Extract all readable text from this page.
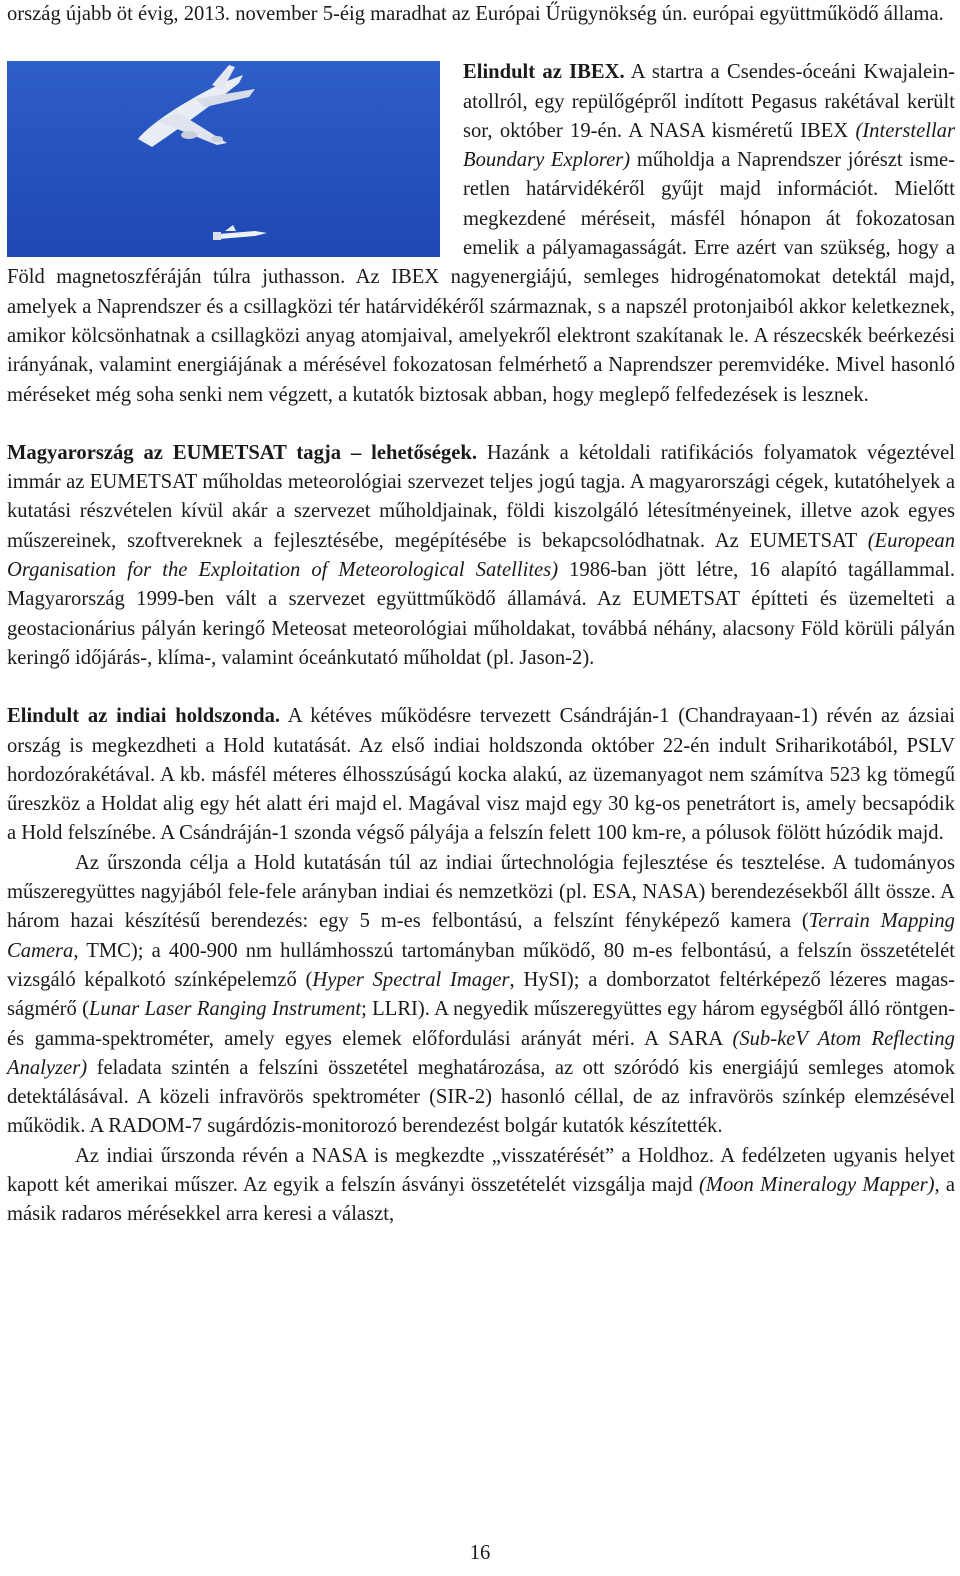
ország újabb öt évig, 2013. november 5-éig maradhat az Európai Űrügynökség ún. európai együttműködő állama.

Elindult az IBEX. A startra a Csendes-óceáni Kwajalein-atollról, egy repülőgépről indított Pegasus rakétával került sor, október 19-én. A NASA kisméretű IBEX (Interstellar Boundary Explorer) műholdja a Naprendszer jórészt ismeretlen határvidékéről gyűjt majd információt. Mielőtt megkezdené méréseit, másfél hónapon át fokozatosan emelik a pályamagasságát. Erre azért van szükség, hogy a Föld magnetoszféráján túlra juthasson. Az IBEX nagyenergiájú, semleges hidrogénatomokat detektál majd, amelyek a Naprendszer és a csillagközi tér határvidékéről származnak, s a napszél protonjaiból akkor keletkeznek, amikor kölcsönhatnak a csillagközi anyag atomjaival, amelyekről elektront szakítanak le. A részecskék beérkezési irányának, valamint energiájának a mérésével fokozatosan felmérhető a Naprendszer peremvidéke. Mivel hasonló méréseket még soha senki nem végzett, a kutatók biztosak abban, hogy meglepő felfedezések is lesznek.

Magyarország az EUMETSAT tagja – lehetőségek. Hazánk a kétoldali ratifikációs folyamatok végeztével immár az EUMETSAT műholdas meteorológiai szervezet teljes jogú tagja. A magyarországi cégek, kutatóhelyek a kutatási részvételen kívül akár a szervezet műholdjainak, földi kiszolgáló létesítményeinek, illetve azok egyes műszereinek, szoftvereknek a fejlesztésébe, megépítésébe is bekapcsolódhatnak. Az EUMETSAT (European Organisation for the Exploitation of Meteorological Satellites) 1986-ban jött létre, 16 alapító tagállammal. Magyarország 1999-ben vált a szervezet együttműködő államává. Az EUMETSAT építteti és üzemelteti a geostacionárius pályán keringő Meteosat meteorológiai műholdakat, továbbá néhány, alacsony Föld körüli pályán keringő időjárás-, klíma-, valamint óceánkutató műholdat (pl. Jason-2).

Elindult az indiai holdszonda. A kétéves működésre tervezett Csándráján-1 (Chandrayaan-1) révén az ázsiai ország is megkezdheti a Hold kutatását. Az első indiai holdszonda október 22-én indult Sriharikotából, PSLV hordozórakétával. A kb. másfél méteres élhosszúságú kocka alakú, az üzemanyagot nem számítva 523 kg tömegű űreszköz a Holdat alig egy hét alatt éri majd el. Magával visz majd egy 30 kg-os penetrátort is, amely becsapódik a Hold felszínébe. A Csándráján-1 szonda végső pályája a felszín felett 100 km-re, a pólusok fölött húzódik majd.

Az űrszonda célja a Hold kutatásán túl az indiai űrtechnológia fejlesztése és tesztelése. A tudományos műszeregyüttes nagyjából fele-fele arányban indiai és nemzetközi (pl. ESA, NASA) berendezésekből állt össze. A három hazai készítésű berendezés: egy 5 m-es felbontású, a felszínt fényképező kamera (Terrain Mapping Camera, TMC); a 400-900 nm hullámhosszú tartományban működő, 80 m-es felbontású, a felszín összetételét vizsgáló képalkotó színképelemző (Hyper Spectral Imager, HySI); a domborzatot feltérképező lézeres magasságmérő (Lunar Laser Ranging Instrument; LLRI). A negyedik műszeregyüttes egy három egységből álló röntgen- és gamma-spektrométer, amely egyes elemek előfordulási arányát méri. A SARA (Sub-keV Atom Reflecting Analyzer) feladata szintén a felszíni összetétel meghatározása, az ott szóródó kis energiájú semleges atomok detektálásával. A közeli infravörös spektrométer (SIR-2) hasonló céllal, de az infravörös színkép elemzésével működik. A RADOM-7 sugárdózis-monitorozó berendezést bolgár kutatók készítették.

Az indiai űrszonda révén a NASA is megkezdte „visszatérését” a Holdhoz. A fedélzeten ugyanis helyet kapott két amerikai műszer. Az egyik a felszín ásványi összetételét vizsgálja majd (Moon Mineralogy Mapper), a másik radaros mérésekkel arra keresi a választ,

16
